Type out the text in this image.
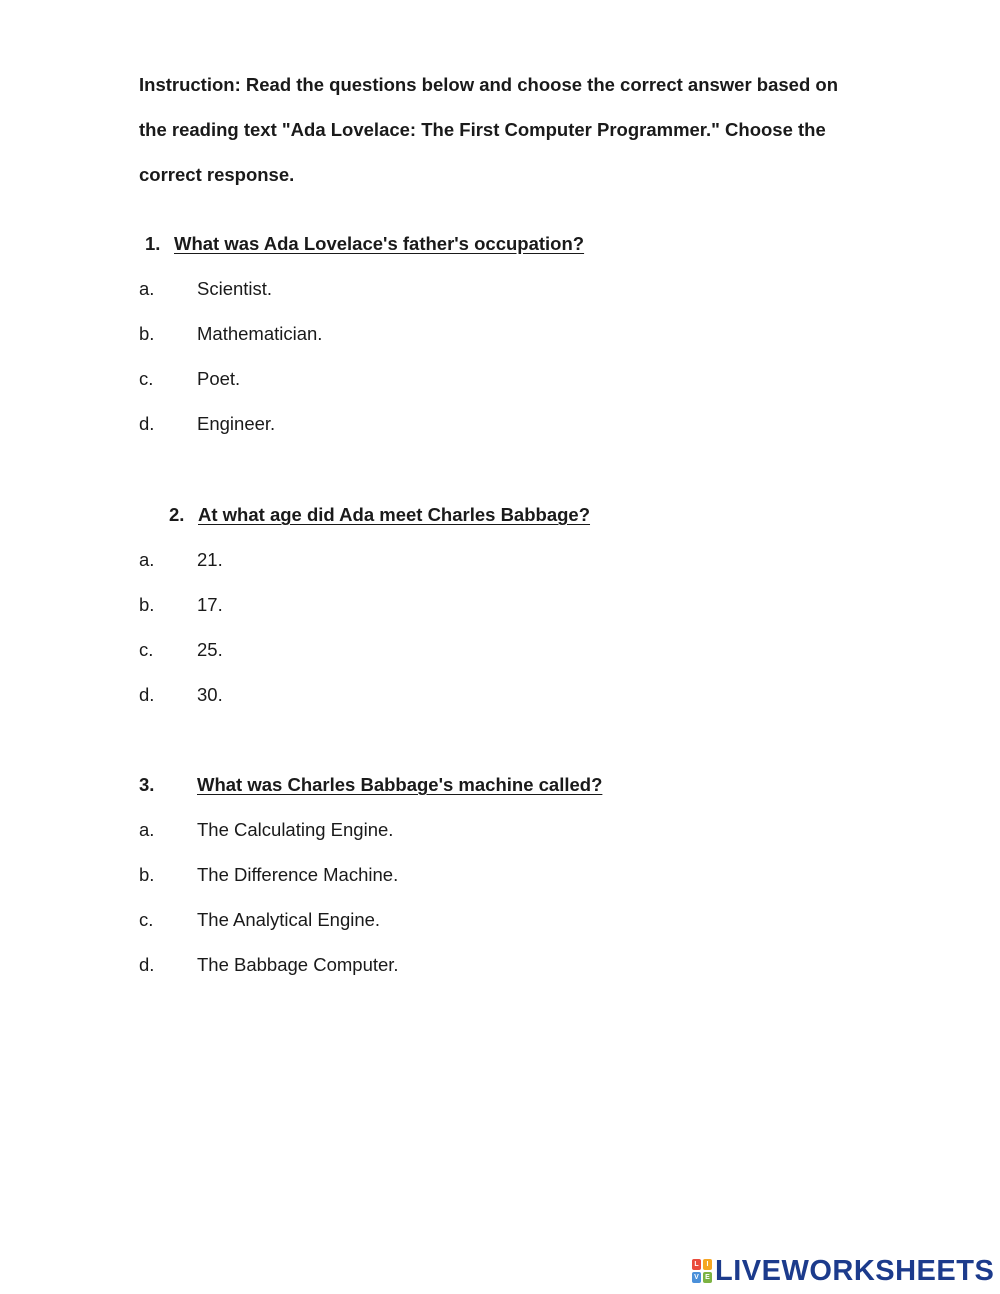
Instruction: Read the questions below and choose the correct answer based on the reading text "Ada Lovelace: The First Computer Programmer." Choose the correct response.
1. What was Ada Lovelace's father's occupation?
a. Scientist.
b. Mathematician.
c. Poet.
d. Engineer.
2. At what age did Ada meet Charles Babbage?
a. 21.
b. 17.
c. 25.
d. 30.
3. What was Charles Babbage's machine called?
a. The Calculating Engine.
b. The Difference Machine.
c. The Analytical Engine.
d. The Babbage Computer.
L	I
V E LIVEWORKSHEETS
